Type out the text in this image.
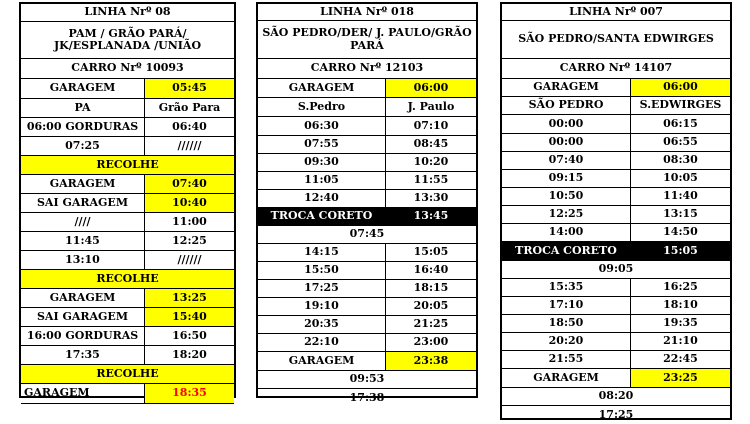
LINHA Nrº 08
PAM / GRÃO PARÁ/ JK/ESPLANADA /UNIÃO
CARRO Nrº 10093
GARAGEM	05:45
PA	Grão Para
06:00 GORDURAS	06:40
07:25	//////
RECOLHE
GARAGEM	07:40
SAI GARAGEM	10:40
////	11:00
11:45	12:25
13:10	//////
RECOLHE
GARAGEM	13:25
SAI GARAGEM	15:40
16:00 GORDURAS	16:50
17:35	18:20
RECOLHE
GARAGEM	18:35
LINHA Nrº 018
SÃO PEDRO/DER/ J. PAULO/GRÃO PARÁ
CARRO Nrº 12103
GARAGEM	06:00
S.Pedro	J. Paulo
06:30	07:10
07:55	08:45
09:30	10:20
11:05	11:55
12:40	13:30
TROCA CORETO	13:45
07:45
14:15	15:05
15:50	16:40
17:25	18:15
19:10	20:05
20:35	21:25
22:10	23:00
GARAGEM	23:38
09:53
17:38
LINHA Nrº 007
SÃO PEDRO/SANTA EDWIRGES
CARRO Nrº 14107
GARAGEM	06:00
SÃO PEDRO	S.EDWIRGES
00:00	06:15
00:00	06:55
07:40	08:30
09:15	10:05
10:50	11:40
12:25	13:15
14:00	14:50
TROCA CORETO	15:05
09:05
15:35	16:25
17:10	18:10
18:50	19:35
20:20	21:10
21:55	22:45
GARAGEM	23:25
08:20
17:25
